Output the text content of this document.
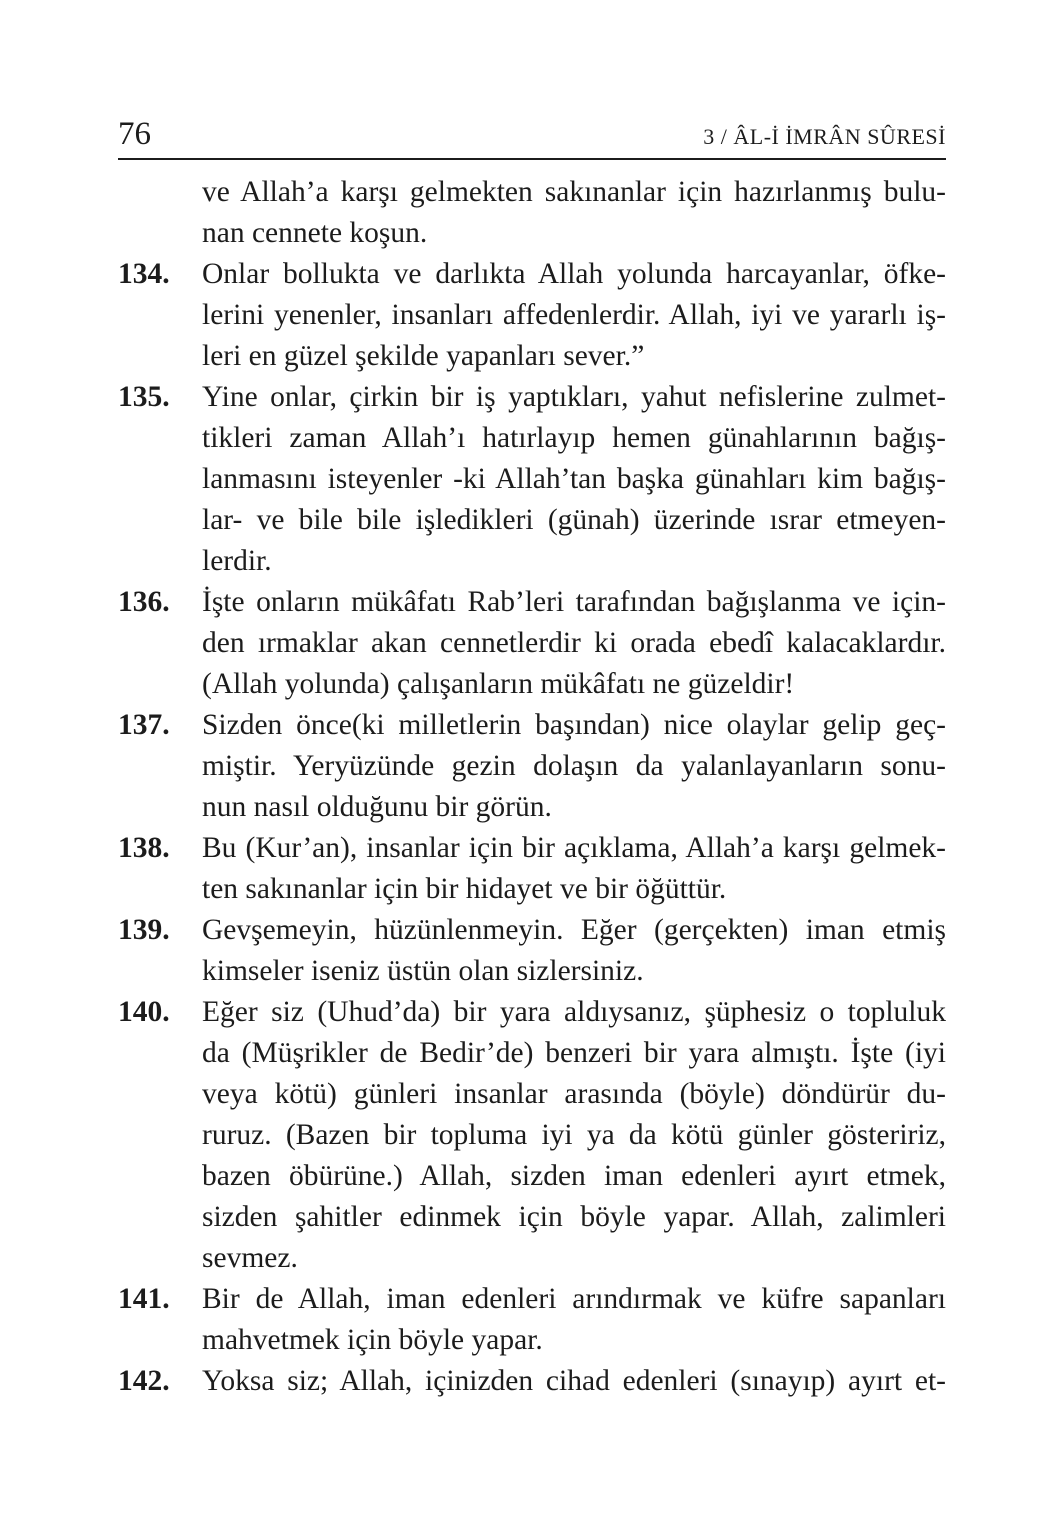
76	3 / ÂL-İ İMRÂN SÛRESİ
ve Allah’a karşı gelmekten sakınanlar için hazırlanmış bulu-
nan cennete koşun.
134. Onlar bollukta ve darlıkta Allah yolunda harcayanlar, öfke-
lerini yenenler, insanları affedenlerdir. Allah, iyi ve yararlı iş-
leri en güzel şekilde yapanları sever.”
135. Yine onlar, çirkin bir iş yaptıkları, yahut nefislerine zulmet-
tikleri zaman Allah’ı hatırlayıp hemen günahlarının bağış-
lanmasını isteyenler -ki Allah’tan başka günahları kim bağış-
lar- ve bile bile işledikleri (günah) üzerinde ısrar etmeyen-
lerdir.
136. İşte onların mükâfatı Rab’leri tarafından bağışlanma ve için-
den ırmaklar akan cennetlerdir ki orada ebedî kalacaklardır.
(Allah yolunda) çalışanların mükâfatı ne güzeldir!
137. Sizden önce(ki milletlerin başından) nice olaylar gelip geç-
miştir. Yeryüzünde gezin dolaşın da yalanlayanların sonu-
nun nasıl olduğunu bir görün.
138. Bu (Kur’an), insanlar için bir açıklama, Allah’a karşı gelmek-
ten sakınanlar için bir hidayet ve bir öğüttür.
139. Gevşemeyin, hüzünlenmeyin. Eğer (gerçekten) iman etmiş
kimseler iseniz üstün olan sizlersiniz.
140. Eğer siz (Uhud’da) bir yara aldıysanız, şüphesiz o topluluk
da (Müşrikler de Bedir’de) benzeri bir yara almıştı. İşte (iyi
veya kötü) günleri insanlar arasında (böyle) döndürür du-
ruruz. (Bazen bir topluma iyi ya da kötü günler gösteririz,
bazen öbürüne.) Allah, sizden iman edenleri ayırt etmek,
sizden şahitler edinmek için böyle yapar. Allah, zalimleri
sevmez.
141. Bir de Allah, iman edenleri arındırmak ve küfre sapanları
mahvetmek için böyle yapar.
142. Yoksa siz; Allah, içinizden cihad edenleri (sınayıp) ayırt et-
